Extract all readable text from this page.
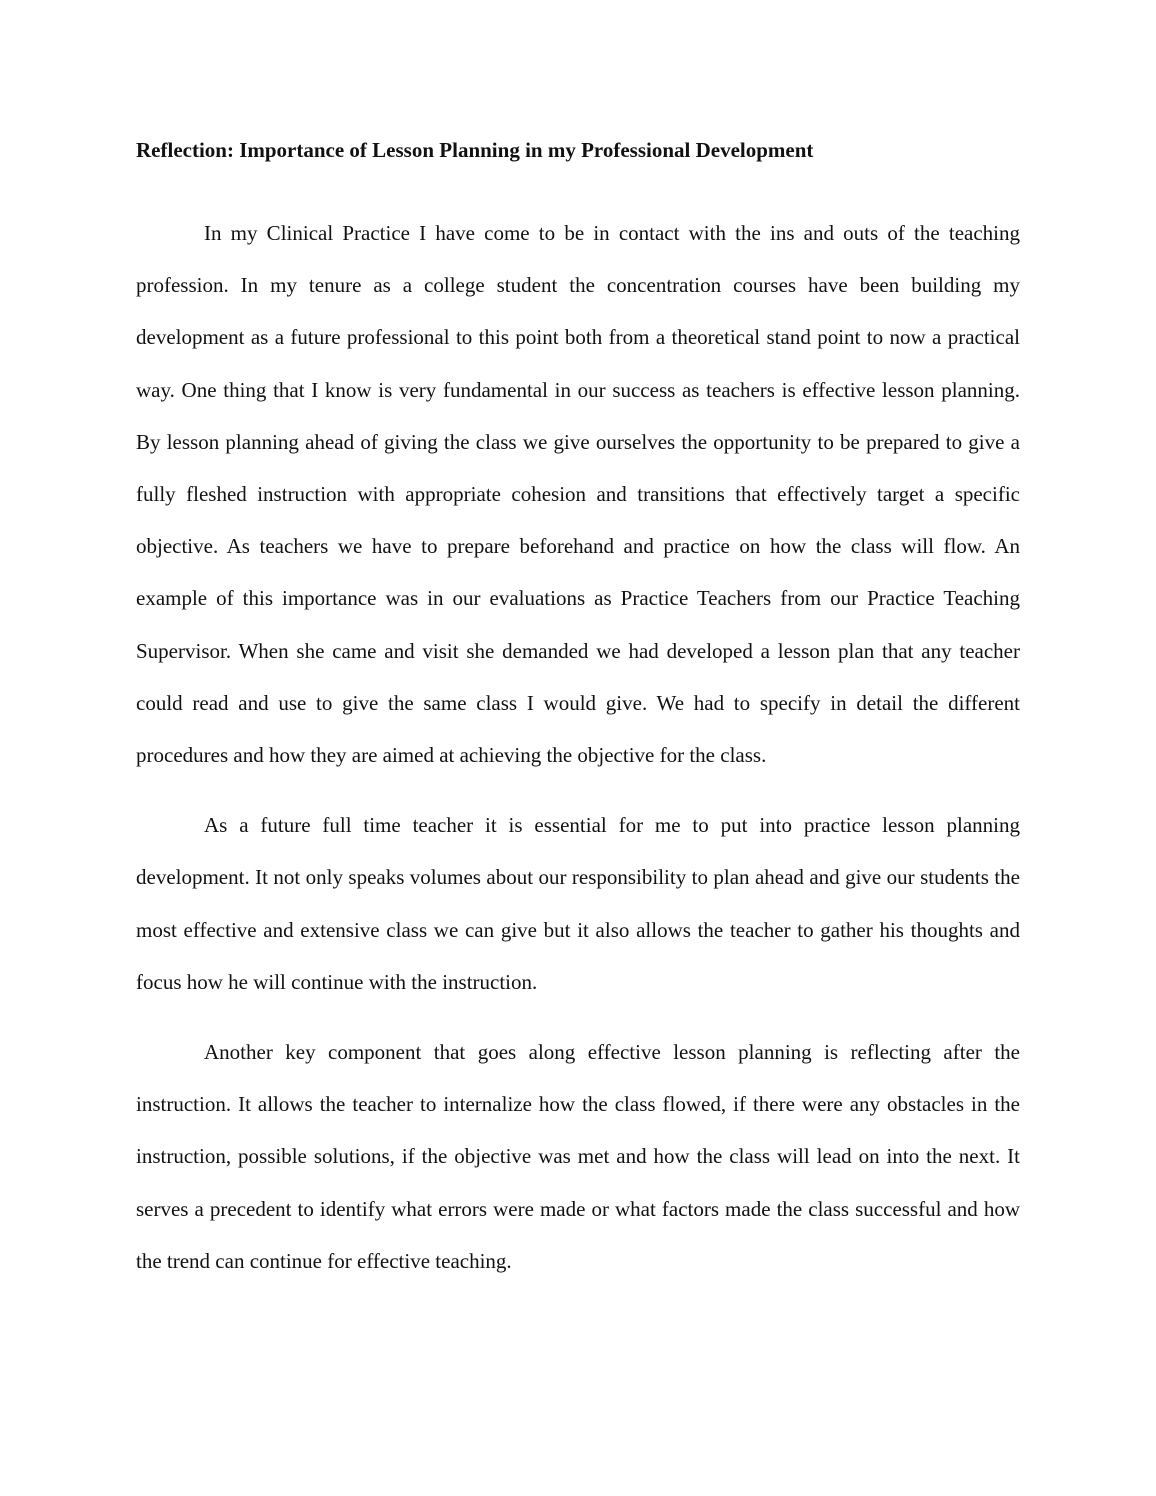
Reflection: Importance of Lesson Planning in my Professional Development

In my Clinical Practice I have come to be in contact with the ins and outs of the teaching profession. In my tenure as a college student the concentration courses have been building my development as a future professional to this point both from a theoretical stand point to now a practical way. One thing that I know is very fundamental in our success as teachers is effective lesson planning. By lesson planning ahead of giving the class we give ourselves the opportunity to be prepared to give a fully fleshed instruction with appropriate cohesion and transitions that effectively target a specific objective. As teachers we have to prepare beforehand and practice on how the class will flow. An example of this importance was in our evaluations as Practice Teachers from our Practice Teaching Supervisor. When she came and visit she demanded we had developed a lesson plan that any teacher could read and use to give the same class I would give. We had to specify in detail the different procedures and how they are aimed at achieving the objective for the class.

As a future full time teacher it is essential for me to put into practice lesson planning development. It not only speaks volumes about our responsibility to plan ahead and give our students the most effective and extensive class we can give but it also allows the teacher to gather his thoughts and focus how he will continue with the instruction.

Another key component that goes along effective lesson planning is reflecting after the instruction. It allows the teacher to internalize how the class flowed, if there were any obstacles in the instruction, possible solutions, if the objective was met and how the class will lead on into the next. It serves a precedent to identify what errors were made or what factors made the class successful and how the trend can continue for effective teaching.
